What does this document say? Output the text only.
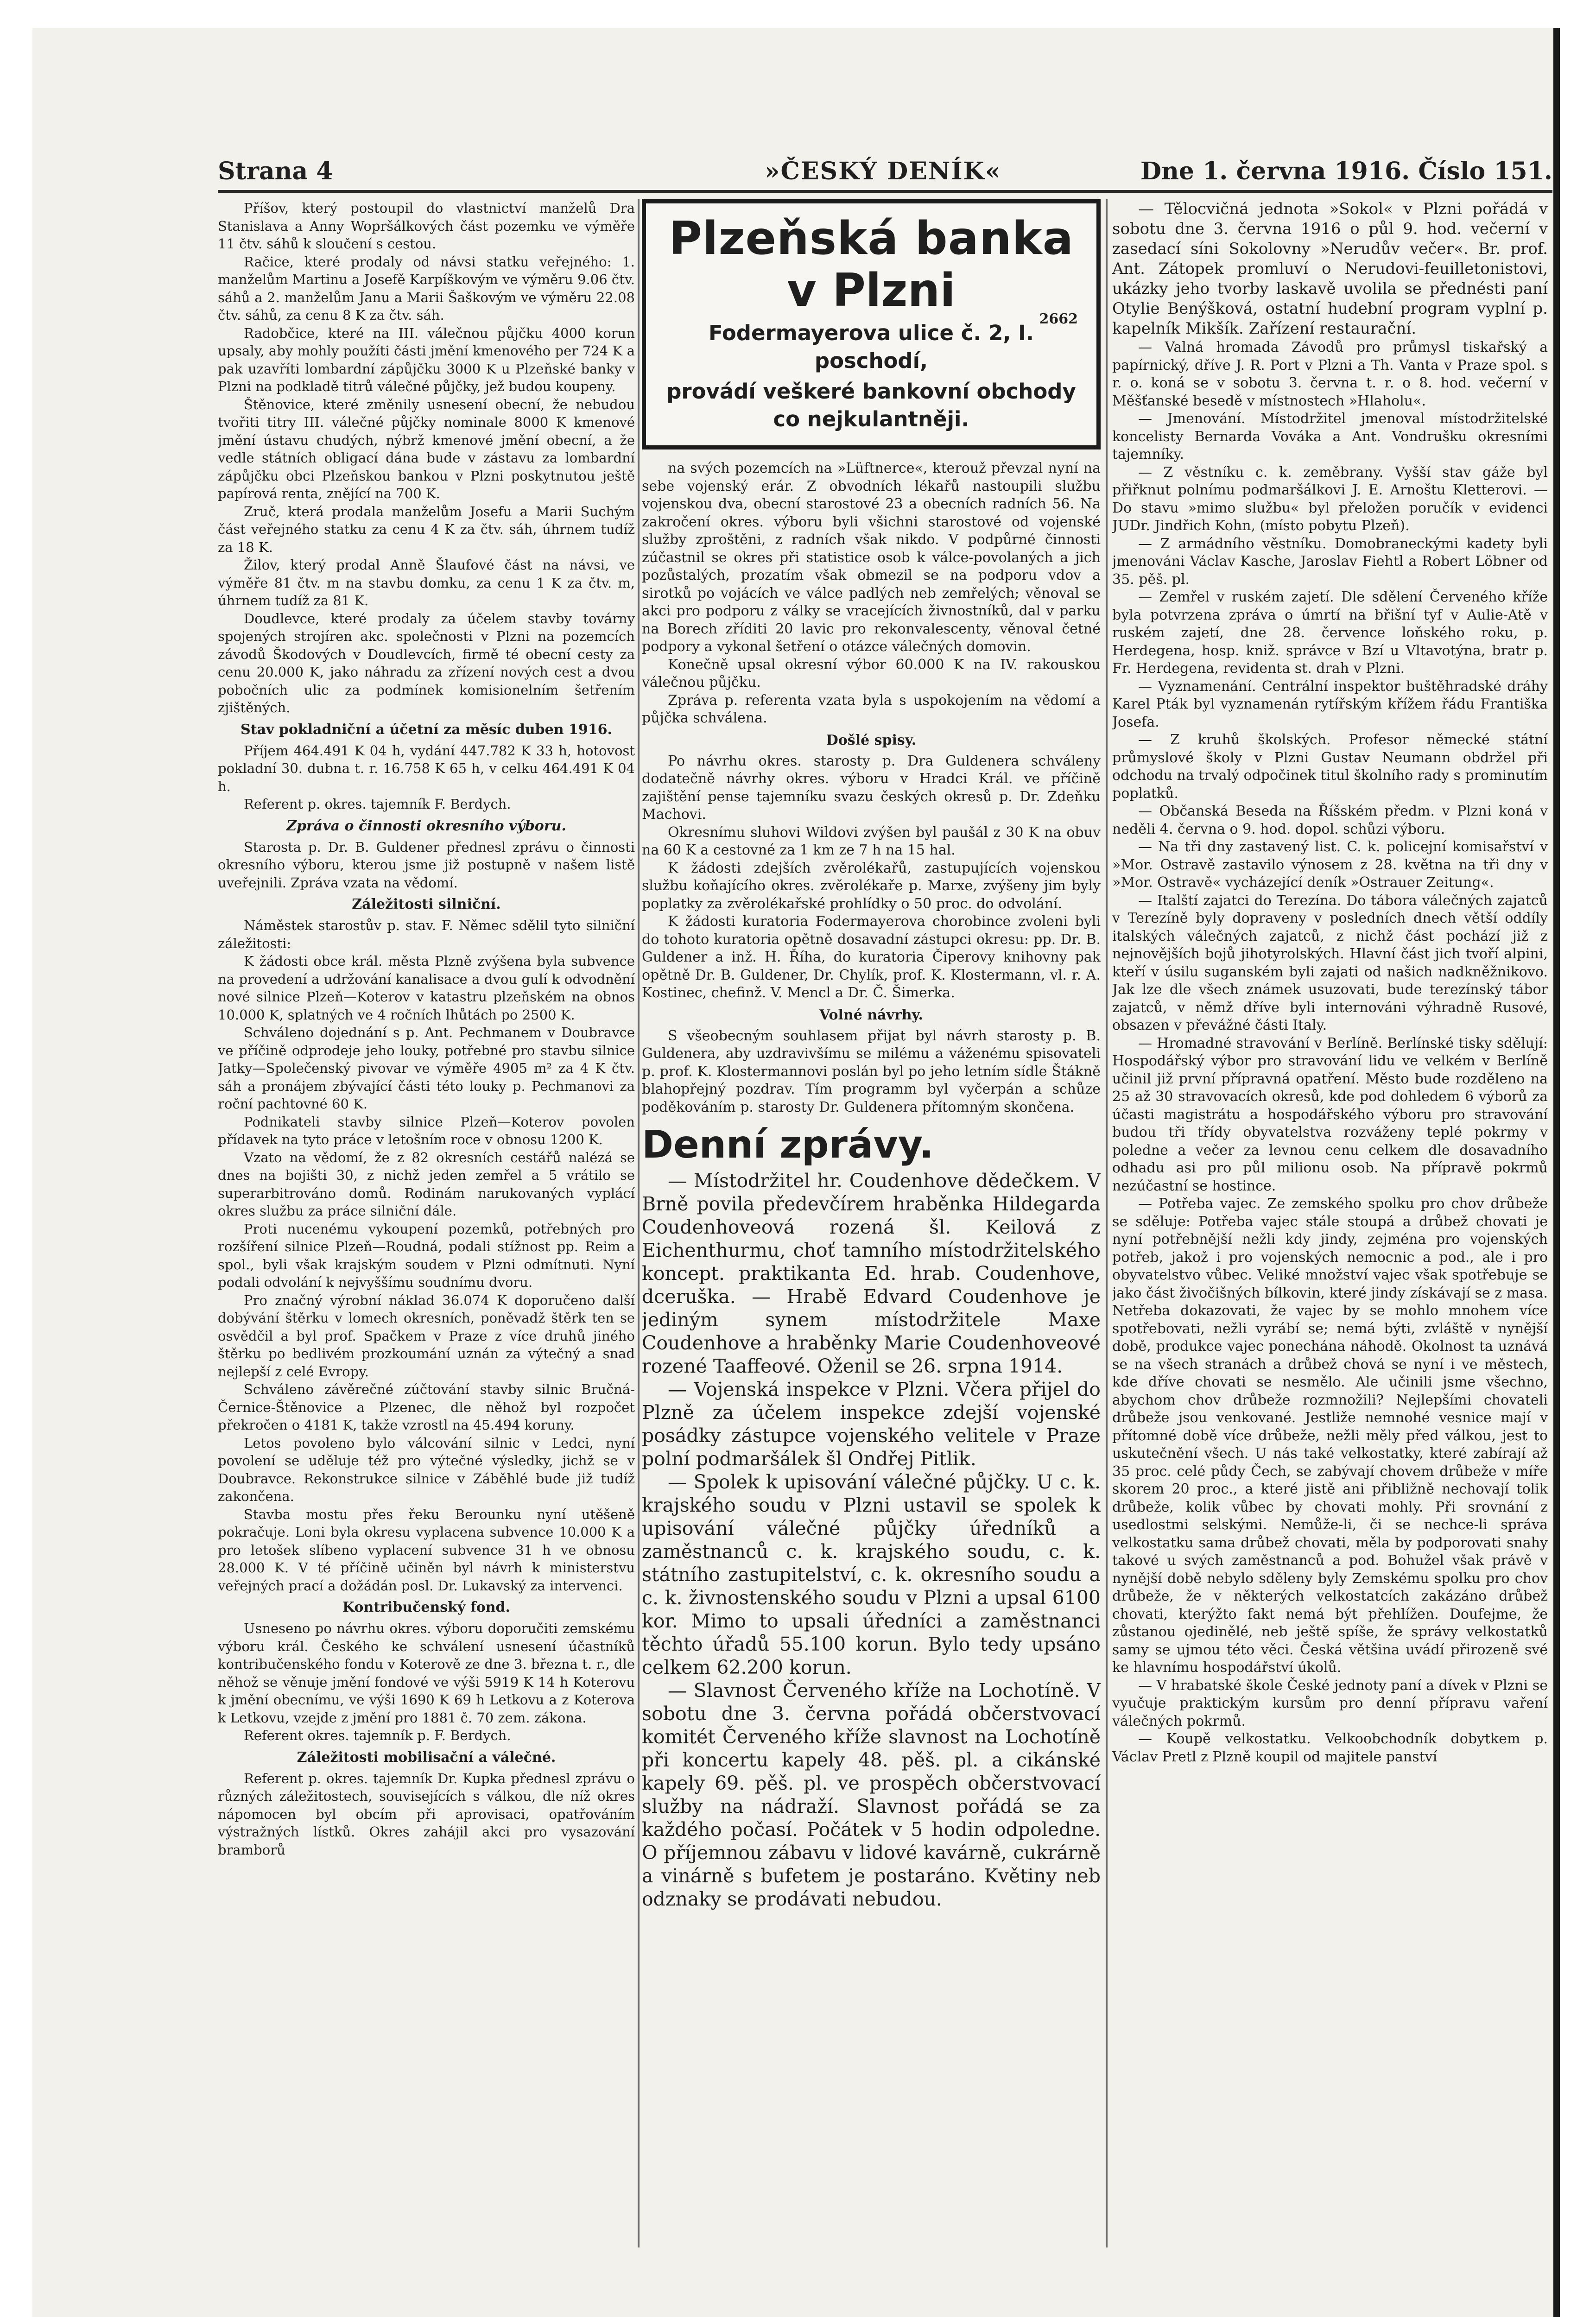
Strana 4	»ČESKÝ DENÍK«	Dne 1. června 1916. Číslo 151.

Příšov, který postoupil do vlastnictví manželů Dra Stanislava a Anny Wopršálkových část pozemku ve výměře 11 čtv. sáhů k sloučení s cestou.

Račice, které prodaly od návsi statku veřejného: 1. manželům Martinu a Josefě Karpíškovým ve výměru 9.06 čtv. sáhů a 2. manželům Janu a Marii Šaškovým ve výměru 22.08 čtv. sáhů, za cenu 8 K za čtv. sáh.

Radobčice, které na III. válečnou půjčku 4000 korun upsaly, aby mohly použíti části jmění kmenového per 724 K a pak uzavříti lombardní zápůjčku 3000 K u Plzeňské banky v Plzni na podkladě titrů válečné půjčky, jež budou koupeny.

Štěnovice, které změnily usnesení obecní, že nebudou tvořiti titry III. válečné půjčky nominale 8000 K kmenové jmění ústavu chudých, nýbrž kmenové jmění obecní, a že vedle státních obligací dána bude v zástavu za lombardní zápůjčku obci Plzeňskou bankou v Plzni poskytnutou ještě papírová renta, znějící na 700 K.

Zruč, která prodala manželům Josefu a Marii Suchým část veřejného statku za cenu 4 K za čtv. sáh, úhrnem tudíž za 18 K.

Žilov, který prodal Anně Šlaufové část na návsi, ve výměře 81 čtv. m na stavbu domku, za cenu 1 K za čtv. m, úhrnem tudíž za 81 K.

Doudlevce, které prodaly za účelem stavby továrny spojených strojíren akc. společnosti v Plzni na pozemcích závodů Škodových v Doudlevcích, firmě té obecní cesty za cenu 20.000 K, jako náhradu za zřízení nových cest a dvou pobočních ulic za podmínek komisionelním šetřením zjištěných.

Stav pokladniční a účetní za měsíc duben 1916.

Příjem 464.491 K 04 h, vydání 447.782 K 33 h, hotovost pokladní 30. dubna t. r. 16.758 K 65 h, v celku 464.491 K 04 h.

Referent p. okres. tajemník F. Berdych.

Zpráva o činnosti okresního výboru.

Starosta p. Dr. B. Guldener přednesl zprávu o činnosti okresního výboru, kterou jsme již postupně v našem listě uveřejnili. Zpráva vzata na vědomí.

Záležitosti silniční.

Náměstek starostův p. stav. F. Němec sdělil tyto silniční záležitosti:

K žádosti obce král. města Plzně zvýšena byla subvence na provedení a udržování kanalisace a dvou gulí k odvodnění nové silnice Plzeň—Koterov v katastru plzeňském na obnos 10.000 K, splatných ve 4 ročních lhůtách po 2500 K.

Schváleno dojednání s p. Ant. Pechmanem v Doubravce ve příčině odprodeje jeho louky, potřebné pro stavbu silnice Jatky—Společenský pivovar ve výměře 4905 m² za 4 K čtv. sáh a pronájem zbývající části této louky p. Pechmanovi za roční pachtovné 60 K.

Podnikateli stavby silnice Plzeň—Koterov povolen přídavek na tyto práce v letošním roce v obnosu 1200 K.

Vzato na vědomí, že z 82 okresních cestářů nalézá se dnes na bojišti 30, z nichž jeden zemřel a 5 vrátilo se superarbitrováno domů. Rodinám narukovaných vyplácí okres službu za práce silniční dále.

Proti nucenému vykoupení pozemků, potřebných pro rozšíření silnice Plzeň—Roudná, podali stížnost pp. Reim a spol., byli však krajským soudem v Plzni odmítnuti. Nyní podali odvolání k nejvyššímu soudnímu dvoru.

Pro značný výrobní náklad 36.074 K doporučeno další dobývání štěrku v lomech okresních, poněvadž štěrk ten se osvědčil a byl prof. Spačkem v Praze z více druhů jiného štěrku po bedlivém prozkoumání uznán za výtečný a snad nejlepší z celé Evropy.

Schváleno závěrečné zúčtování stavby silnic Bručná-Černice-Štěnovice a Plzenec, dle něhož byl rozpočet překročen o 4181 K, takže vzrostl na 45.494 koruny.

Letos povoleno bylo válcování silnic v Ledci, nyní povolení se uděluje též pro výtečné výsledky, jichž se v Doubravce. Rekonstrukce silnice v Záběhlé bude již tudíž zakončena.

Stavba mostu přes řeku Berounku nyní utěšeně pokračuje. Loni byla okresu vyplacena subvence 10.000 K a pro letošek slíbeno vyplacení subvence 31 h ve obnosu 28.000 K. V té příčině učiněn byl návrh k ministerstvu veřejných prací a dožádán posl. Dr. Lukavský za intervenci.

Kontribučenský fond.

Usneseno po návrhu okres. výboru doporučiti zemskému výboru král. Českého ke schválení usnesení účastníků kontribučenského fondu v Koterově ze dne 3. března t. r., dle něhož se věnuje jmění fondové ve výši 5919 K 14 h Koterovu k jmění obecnímu, ve výši 1690 K 69 h Letkovu a z Koterova k Letkovu, vzejde z jmění pro 1881 č. 70 zem. zákona.

Referent okres. tajemník p. F. Berdych.

Záležitosti mobilisační a válečné.

Referent p. okres. tajemník Dr. Kupka přednesl zprávu o různých záležitostech, souvisejících s válkou, dle níž okres nápomocen byl obcím při aprovisaci, opatřováním výstražných lístků. Okres zahájil akci pro vysazování bramborů

Plzeňská banka
v Plzni
2662
Fodermayerova ulice č. 2, I. poschodí,
provádí veškeré bankovní obchody co nejkulantněji.

na svých pozemcích na »Lüftnerce«, kterouž převzal nyní na sebe vojenský erár. Z obvodních lékařů nastoupili službu vojenskou dva, obecní starostové 23 a obecních radních 56. Na zakročení okres. výboru byli všichni starostové od vojenské služby zproštěni, z radních však nikdo. V podpůrné činnosti zúčastnil se okres při statistice osob k válce-povolaných a jich pozůstalých, prozatím však obmezil se na podporu vdov a sirotků po vojácích ve válce padlých neb zemřelých; věnoval se akci pro podporu z války se vracejících živnostníků, dal v parku na Borech zříditi 20 lavic pro rekonvalescenty, věnoval četné podpory a vykonal šetření o otázce válečných domovin.

Konečně upsal okresní výbor 60.000 K na IV. rakouskou válečnou půjčku.

Zpráva p. referenta vzata byla s uspokojením na vědomí a půjčka schválena.

Došlé spisy.

Po návrhu okres. starosty p. Dra Guldenera schváleny dodatečně návrhy okres. výboru v Hradci Král. ve příčině zajištění pense tajemníku svazu českých okresů p. Dr. Zdeňku Machovi.

Okresnímu sluhovi Wildovi zvýšen byl paušál z 30 K na obuv na 60 K a cestovné za 1 km ze 7 h na 15 hal.

K žádosti zdejších zvěrolékařů, zastupujících vojenskou službu koňajícího okres. zvěrolékaře p. Marxe, zvýšeny jim byly poplatky za zvěrolékařské prohlídky o 50 proc. do odvolání.

K žádosti kuratoria Fodermayerova chorobince zvoleni byli do tohoto kuratoria opětně dosavadní zástupci okresu: pp. Dr. B. Guldener a inž. H. Říha, do kuratoria Čiperovy knihovny pak opětně Dr. B. Guldener, Dr. Chylík, prof. K. Klostermann, vl. r. A. Kostinec, chefinž. V. Mencl a Dr. Č. Šimerka.

Volné návrhy.

S všeobecným souhlasem přijat byl návrh starosty p. B. Guldenera, aby uzdravivšímu se milému a váženému spisovateli p. prof. K. Klostermannovi poslán byl po jeho letním sídle Štákně blahopřejný pozdrav. Tím programm byl vyčerpán a schůze poděkováním p. starosty Dr. Guldenera přítomným skončena.

Denní zprávy.

— Místodržitel hr. Coudenhove dědečkem. V Brně povila předevčírem hraběnka Hildegarda Coudenhoveová rozená šl. Keilová z Eichenthurmu, choť tamního místodržitelského koncept. praktikanta Ed. hrab. Coudenhove, dceruška. — Hrabě Edvard Coudenhove je jediným synem místodržitele Maxe Coudenhove a hraběnky Marie Coudenhoveové rozené Taaffeové. Oženil se 26. srpna 1914.

— Vojenská inspekce v Plzni. Včera přijel do Plzně za účelem inspekce zdejší vojenské posádky zástupce vojenského velitele v Praze polní podmaršálek šl Ondřej Pitlik.

— Spolek k upisování válečné půjčky. U c. k. krajského soudu v Plzni ustavil se spolek k upisování válečné půjčky úředníků a zaměstnanců c. k. krajského soudu, c. k. státního zastupitelství, c. k. okresního soudu a c. k. živnostenského soudu v Plzni a upsal 6100 kor. Mimo to upsali úředníci a zaměstnanci těchto úřadů 55.100 korun. Bylo tedy upsáno celkem 62.200 korun.

— Slavnost Červeného kříže na Lochotíně. V sobotu dne 3. června pořádá občerstvovací komitét Červeného kříže slavnost na Lochotíně při koncertu kapely 48. pěš. pl. a cikánské kapely 69. pěš. pl. ve prospěch občerstvovací služby na nádraží. Slavnost pořádá se za každého počasí. Počátek v 5 hodin odpoledne. O příjemnou zábavu v lidové kavárně, cukrárně a vinárně s bufetem je postaráno. Květiny neb odznaky se prodávati nebudou.

— Tělocvičná jednota »Sokol« v Plzni pořádá v sobotu dne 3. června 1916 o půl 9. hod. večerní v zasedací síni Sokolovny »Nerudův večer«. Br. prof. Ant. Zátopek promluví o Nerudovi-feuilletonistovi, ukázky jeho tvorby laskavě uvolila se přednésti paní Otylie Benýšková, ostatní hudební program vyplní p. kapelník Mikšík. Zařízení restaurační.

— Valná hromada Závodů pro průmysl tiskařský a papírnický, dříve J. R. Port v Plzni a Th. Vanta v Praze spol. s r. o. koná se v sobotu 3. června t. r. o 8. hod. večerní v Měšťanské besedě v místnostech »Hlaholu«.

— Jmenování. Místodržitel jmenoval místodržitelské koncelisty Bernarda Vováka a Ant. Vondrušku okresními tajemníky.

— Z věstníku c. k. zeměbrany. Vyšší stav gáže byl přiřknut polnímu podmaršálkovi J. E. Arnoštu Kletterovi. — Do stavu »mimo službu« byl přeložen poručík v evidenci JUDr. Jindřich Kohn, (místo pobytu Plzeň).

— Z armádního věstníku. Domobraneckými kadety byli jmenováni Václav Kasche, Jaroslav Fiehtl a Robert Löbner od 35. pěš. pl.

— Zemřel v ruském zajetí. Dle sdělení Červeného kříže byla potvrzena zpráva o úmrtí na břišní tyf v Aulie-Atě v ruském zajetí, dne 28. července loňského roku, p. Herdegena, hosp. kniž. správce v Bzí u Vltavotýna, bratr p. Fr. Herdegena, revidenta st. drah v Plzni.

— Vyznamenání. Centrální inspektor buštěhradské dráhy Karel Pták byl vyznamenán rytířským křížem řádu Františka Josefa.

— Z kruhů školských. Profesor německé státní průmyslové školy v Plzni Gustav Neumann obdržel při odchodu na trvalý odpočinek titul školního rady s prominutím poplatků.

— Občanská Beseda na Říšském předm. v Plzni koná v neděli 4. června o 9. hod. dopol. schůzi výboru.

— Na tři dny zastavený list. C. k. policejní komisařství v »Mor. Ostravě zastavilo výnosem z 28. května na tři dny v »Mor. Ostravě« vycházející deník »Ostrauer Zeitung«.

— Italští zajatci do Terezína. Do tábora válečných zajatců v Terezíně byly dopraveny v posledních dnech větší oddíly italských válečných zajatců, z nichž část pochází již z nejnovějších bojů jihotyrolských. Hlavní část jich tvoří alpini, kteří v úsilu suganském byli zajati od našich nadkněžnikovo. Jak lze dle všech známek usuzovati, bude terezínský tábor zajatců, v němž dříve byli internováni výhradně Rusové, obsazen v převážné části Italy.

— Hromadné stravování v Berlíně. Berlínské tisky sdělují: Hospodářský výbor pro stravování lidu ve velkém v Berlíně učinil již první přípravná opatření. Město bude rozděleno na 25 až 30 stravovacích okresů, kde pod dohledem 6 výborů za účasti magistrátu a hospodářského výboru pro stravování budou tři třídy obyvatelstva rozváženy teplé pokrmy v poledne a večer za levnou cenu celkem dle dosavadního odhadu asi pro půl milionu osob. Na přípravě pokrmů nezúčastní se hostince.

— Potřeba vajec. Ze zemského spolku pro chov drůbeže se sděluje: Potřeba vajec stále stoupá a drůbež chovati je nyní potřebnější nežli kdy jindy, zejména pro vojenských potřeb, jakož i pro vojenských nemocnic a pod., ale i pro obyvatelstvo vůbec. Veliké množství vajec však spotřebuje se jako část živočišných bílkovin, které jindy získávají se z masa. Netřeba dokazovati, že vajec by se mohlo mnohem více spotřebovati, nežli vyrábí se; nemá býti, zvláště v nynější době, produkce vajec ponechána náhodě. Okolnost ta uznává se na všech stranách a drůbež chová se nyní i ve městech, kde dříve chovati se nesmělo. Ale učinili jsme všechno, abychom chov drůbeže rozmnožili? Nejlepšími chovateli drůbeže jsou venkované. Jestliže nemnohé vesnice mají v přítomné době více drůbeže, nežli měly před válkou, jest to uskutečnění všech. U nás také velkostatky, které zabírají až 35 proc. celé půdy Čech, se zabývají chovem drůbeže v míře skorem 20 proc., a které jistě ani přibližně nechovají tolik drůbeže, kolik vůbec by chovati mohly. Při srovnání z usedlostmi selskými. Nemůže-li, či se nechce-li správa velkostatku sama drůbež chovati, měla by podporovati snahy takové u svých zaměstnanců a pod. Bohužel však právě v nynější době nebylo sděleny byly Zemskému spolku pro chov drůbeže, že v některých velkostatcích zakázáno drůbež chovati, kterýžto fakt nemá být přehlížen. Doufejme, že zůstanou ojedinělé, neb ještě spíše, že správy velkostatků samy se ujmou této věci. Česká většina uvádí přirozeně své ke hlavnímu hospodářství úkolů.

— V hrabatské škole České jednoty paní a dívek v Plzni se vyučuje praktickým kursům pro denní přípravu vaření válečných pokrmů.

— Koupě velkostatku. Velkoobchodník dobytkem p. Václav Pretl z Plzně koupil od majitele panství
